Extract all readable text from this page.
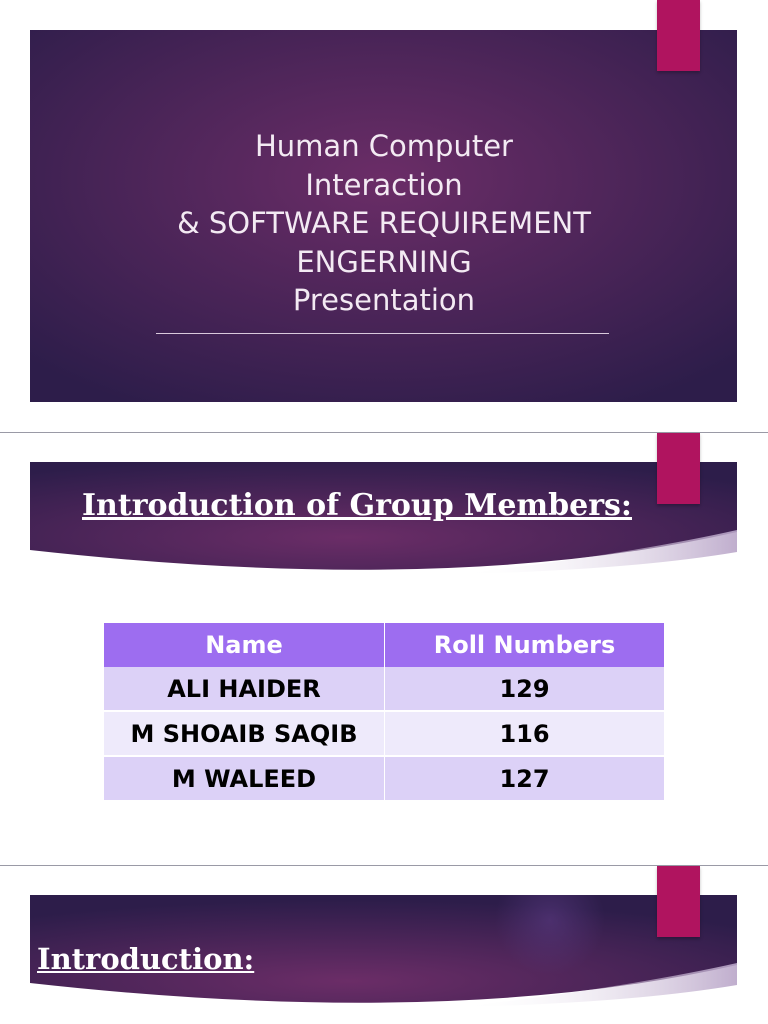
Human Computer
Interaction
& SOFTWARE REQUIREMENT
ENGERNING
Presentation
Introduction of Group Members:
Name	Roll Numbers
ALI HAIDER	129
M SHOAIB SAQIB	116
M WALEED	127
Introduction:
